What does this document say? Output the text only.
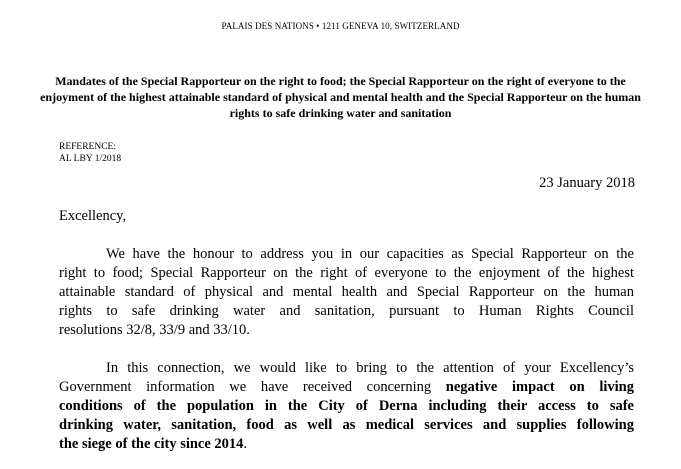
PALAIS DES NATIONS • 1211 GENEVA 10, SWITZERLAND
Mandates of the Special Rapporteur on the right to food; the Special Rapporteur on the right of everyone to the enjoyment of the highest attainable standard of physical and mental health and the Special Rapporteur on the human rights to safe drinking water and sanitation
REFERENCE:
AL LBY 1/2018
23 January 2018
Excellency,
We have the honour to address you in our capacities as Special Rapporteur on the
right to food; Special Rapporteur on the right of everyone to the enjoyment of the highest
attainable standard of physical and mental health and Special Rapporteur on the human
rights to safe drinking water and sanitation, pursuant to Human Rights Council
resolutions 32/8, 33/9 and 33/10.
In this connection, we would like to bring to the attention of your Excellency’s
Government information we have received concerning negative impact on living
conditions of the population in the City of Derna including their access to safe
drinking water, sanitation, food as well as medical services and supplies following
the siege of the city since 2014.
